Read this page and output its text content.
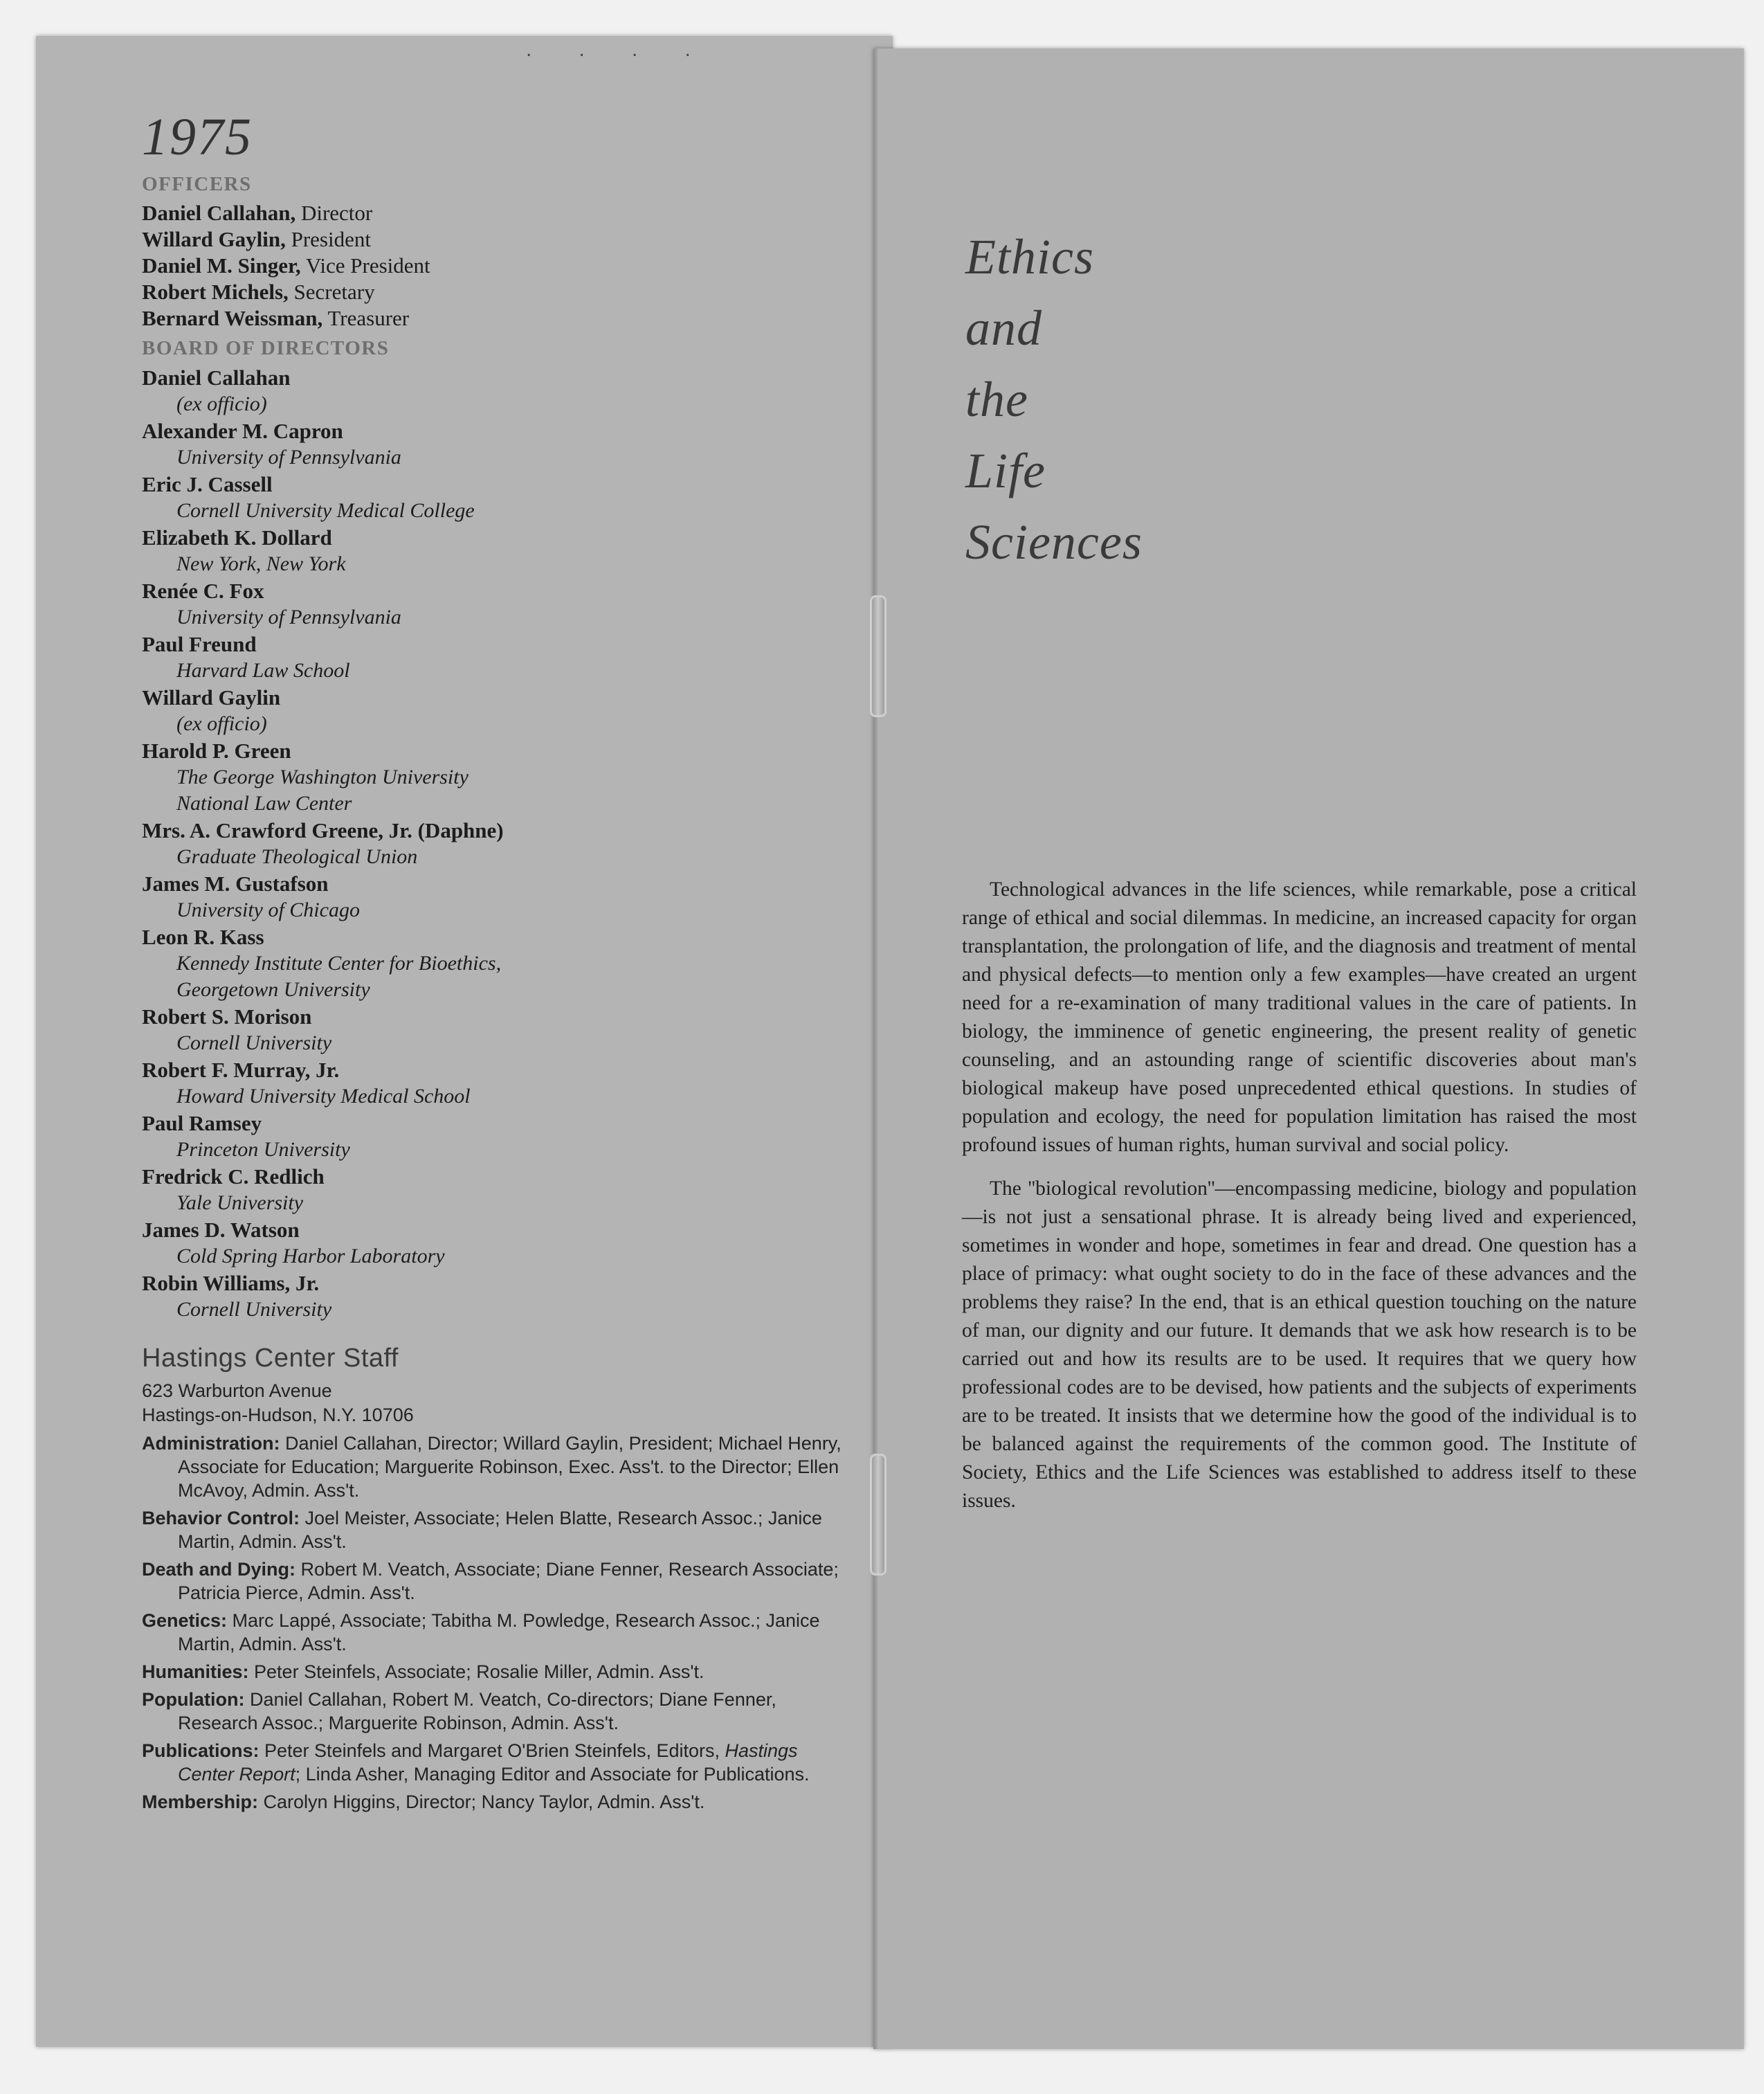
. . . .
1975
OFFICERS
Daniel Callahan, Director
Willard Gaylin, President
Daniel M. Singer, Vice President
Robert Michels, Secretary
Bernard Weissman, Treasurer
BOARD OF DIRECTORS
Daniel Callahan
(ex officio)
Alexander M. Capron
University of Pennsylvania
Eric J. Cassell
Cornell University Medical College
Elizabeth K. Dollard
New York, New York
Renée C. Fox
University of Pennsylvania
Paul Freund
Harvard Law School
Willard Gaylin
(ex officio)
Harold P. Green
The George Washington University
National Law Center
Mrs. A. Crawford Greene, Jr. (Daphne)
Graduate Theological Union
James M. Gustafson
University of Chicago
Leon R. Kass
Kennedy Institute Center for Bioethics,
Georgetown University
Robert S. Morison
Cornell University
Robert F. Murray, Jr.
Howard University Medical School
Paul Ramsey
Princeton University
Fredrick C. Redlich
Yale University
James D. Watson
Cold Spring Harbor Laboratory
Robin Williams, Jr.
Cornell University
Hastings Center Staff
623 Warburton Avenue
Hastings-on-Hudson, N.Y. 10706
Administration: Daniel Callahan, Director; Willard Gaylin, President; Michael Henry, Associate for Education; Marguerite Robinson, Exec. Ass't. to the Director; Ellen McAvoy, Admin. Ass't.
Behavior Control: Joel Meister, Associate; Helen Blatte, Research Assoc.; Janice Martin, Admin. Ass't.
Death and Dying: Robert M. Veatch, Associate; Diane Fenner, Research Associate; Patricia Pierce, Admin. Ass't.
Genetics: Marc Lappé, Associate; Tabitha M. Powledge, Research Assoc.; Janice Martin, Admin. Ass't.
Humanities: Peter Steinfels, Associate; Rosalie Miller, Admin. Ass't.
Population: Daniel Callahan, Robert M. Veatch, Co-directors; Diane Fenner, Research Assoc.; Marguerite Robinson, Admin. Ass't.
Publications: Peter Steinfels and Margaret O'Brien Steinfels, Editors, Hastings Center Report; Linda Asher, Managing Editor and Associate for Publications.
Membership: Carolyn Higgins, Director; Nancy Taylor, Admin. Ass't.
Ethics
and
the
Life
Sciences

Technological advances in the life sciences, while remarkable, pose a critical range of ethical and social dilemmas. In medicine, an increased capacity for organ transplantation, the prolongation of life, and the diagnosis and treatment of mental and physical defects—to mention only a few examples—have created an urgent need for a re-examination of many traditional values in the care of patients. In biology, the imminence of genetic engineering, the present reality of genetic counseling, and an astounding range of scientific discoveries about man's biological makeup have posed unprecedented ethical questions. In studies of population and ecology, the need for population limitation has raised the most profound issues of human rights, human survival and social policy.

The ''biological revolution''—encompassing medicine, biology and population—is not just a sensational phrase. It is already being lived and experienced, sometimes in wonder and hope, sometimes in fear and dread. One question has a place of primacy: what ought society to do in the face of these advances and the problems they raise? In the end, that is an ethical question touching on the nature of man, our dignity and our future. It demands that we ask how research is to be carried out and how its results are to be used. It requires that we query how professional codes are to be devised, how patients and the subjects of experiments are to be treated. It insists that we determine how the good of the individual is to be balanced against the requirements of the common good. The Institute of Society, Ethics and the Life Sciences was established to address itself to these issues.
